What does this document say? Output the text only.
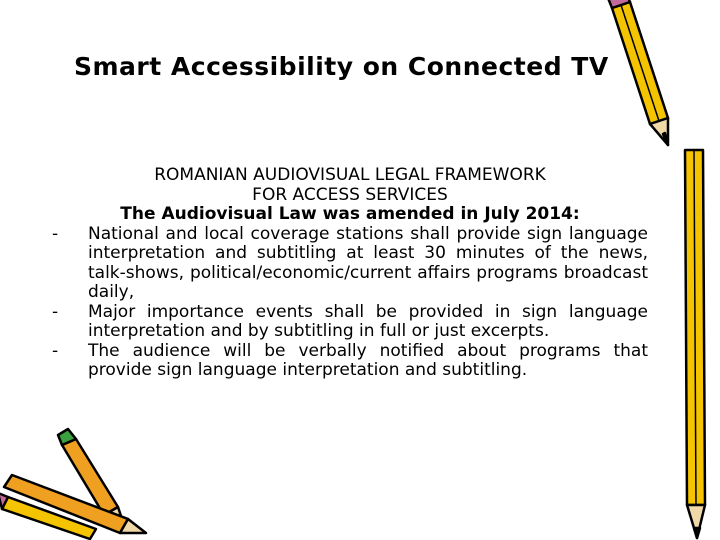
Smart Accessibility on Connected TV
ROMANIAN AUDIOVISUAL LEGAL FRAMEWORK
FOR ACCESS SERVICES
The Audiovisual Law was amended in July 2014:
-	National and local coverage stations shall provide sign language interpretation and subtitling at least 30 minutes of the news, talk-shows, political/economic/current affairs programs broadcast daily,
-	Major importance events shall be provided in sign language interpretation and by subtitling in full or just excerpts.
-	The audience will be verbally notified about programs that provide sign language interpretation and subtitling.
